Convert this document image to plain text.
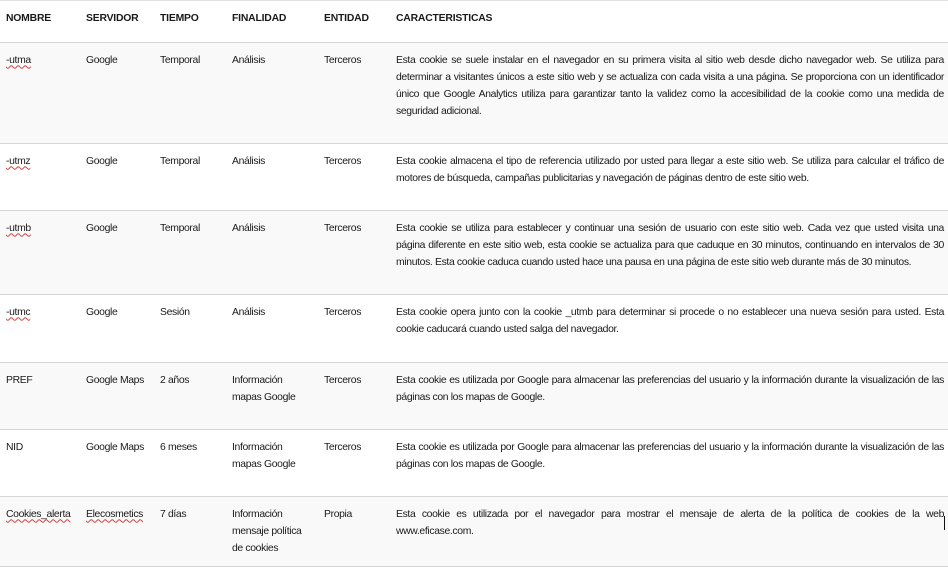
NOMBRE	SERVIDOR	TIEMPO	FINALIDAD	ENTIDAD	CARACTERISTICAS
-utma	Google	Temporal	Análisis	Terceros	Esta cookie se suele instalar en el navegador en su primera visita al sitio web desde dicho navegador web. Se utiliza para determinar a visitantes únicos a este sitio web y se actualiza con cada visita a una página. Se proporciona con un identificador único que Google Analytics utiliza para garantizar tanto la validez como la accesibilidad de la cookie como una medida de seguridad adicional.
-utmz	Google	Temporal	Análisis	Terceros	Esta cookie almacena el tipo de referencia utilizado por usted para llegar a este sitio web. Se utiliza para calcular el tráfico de motores de búsqueda, campañas publicitarias y navegación de páginas dentro de este sitio web.
-utmb	Google	Temporal	Análisis	Terceros	Esta cookie se utiliza para establecer y continuar una sesión de usuario con este sitio web. Cada vez que usted visita una página diferente en este sitio web, esta cookie se actualiza para que caduque en 30 minutos, continuando en intervalos de 30 minutos. Esta cookie caduca cuando usted hace una pausa en una página de este sitio web durante más de 30 minutos.
-utmc	Google	Sesión	Análisis	Terceros	Esta cookie opera junto con la cookie _utmb para determinar si procede o no establecer una nueva sesión para usted. Esta cookie caducará cuando usted salga del navegador.
PREF	Google Maps	2 años	Información mapas Google	Terceros	Esta cookie es utilizada por Google para almacenar las preferencias del usuario y la información durante la visualización de las páginas con los mapas de Google.
NID	Google Maps	6 meses	Información mapas Google	Terceros	Esta cookie es utilizada por Google para almacenar las preferencias del usuario y la información durante la visualización de las páginas con los mapas de Google.
Cookies_alerta	Elecosmetics	7 días	Información mensaje política de cookies	Propia	Esta cookie es utilizada por el navegador para mostrar el mensaje de alerta de la política de cookies de la web www.eficase.com.
